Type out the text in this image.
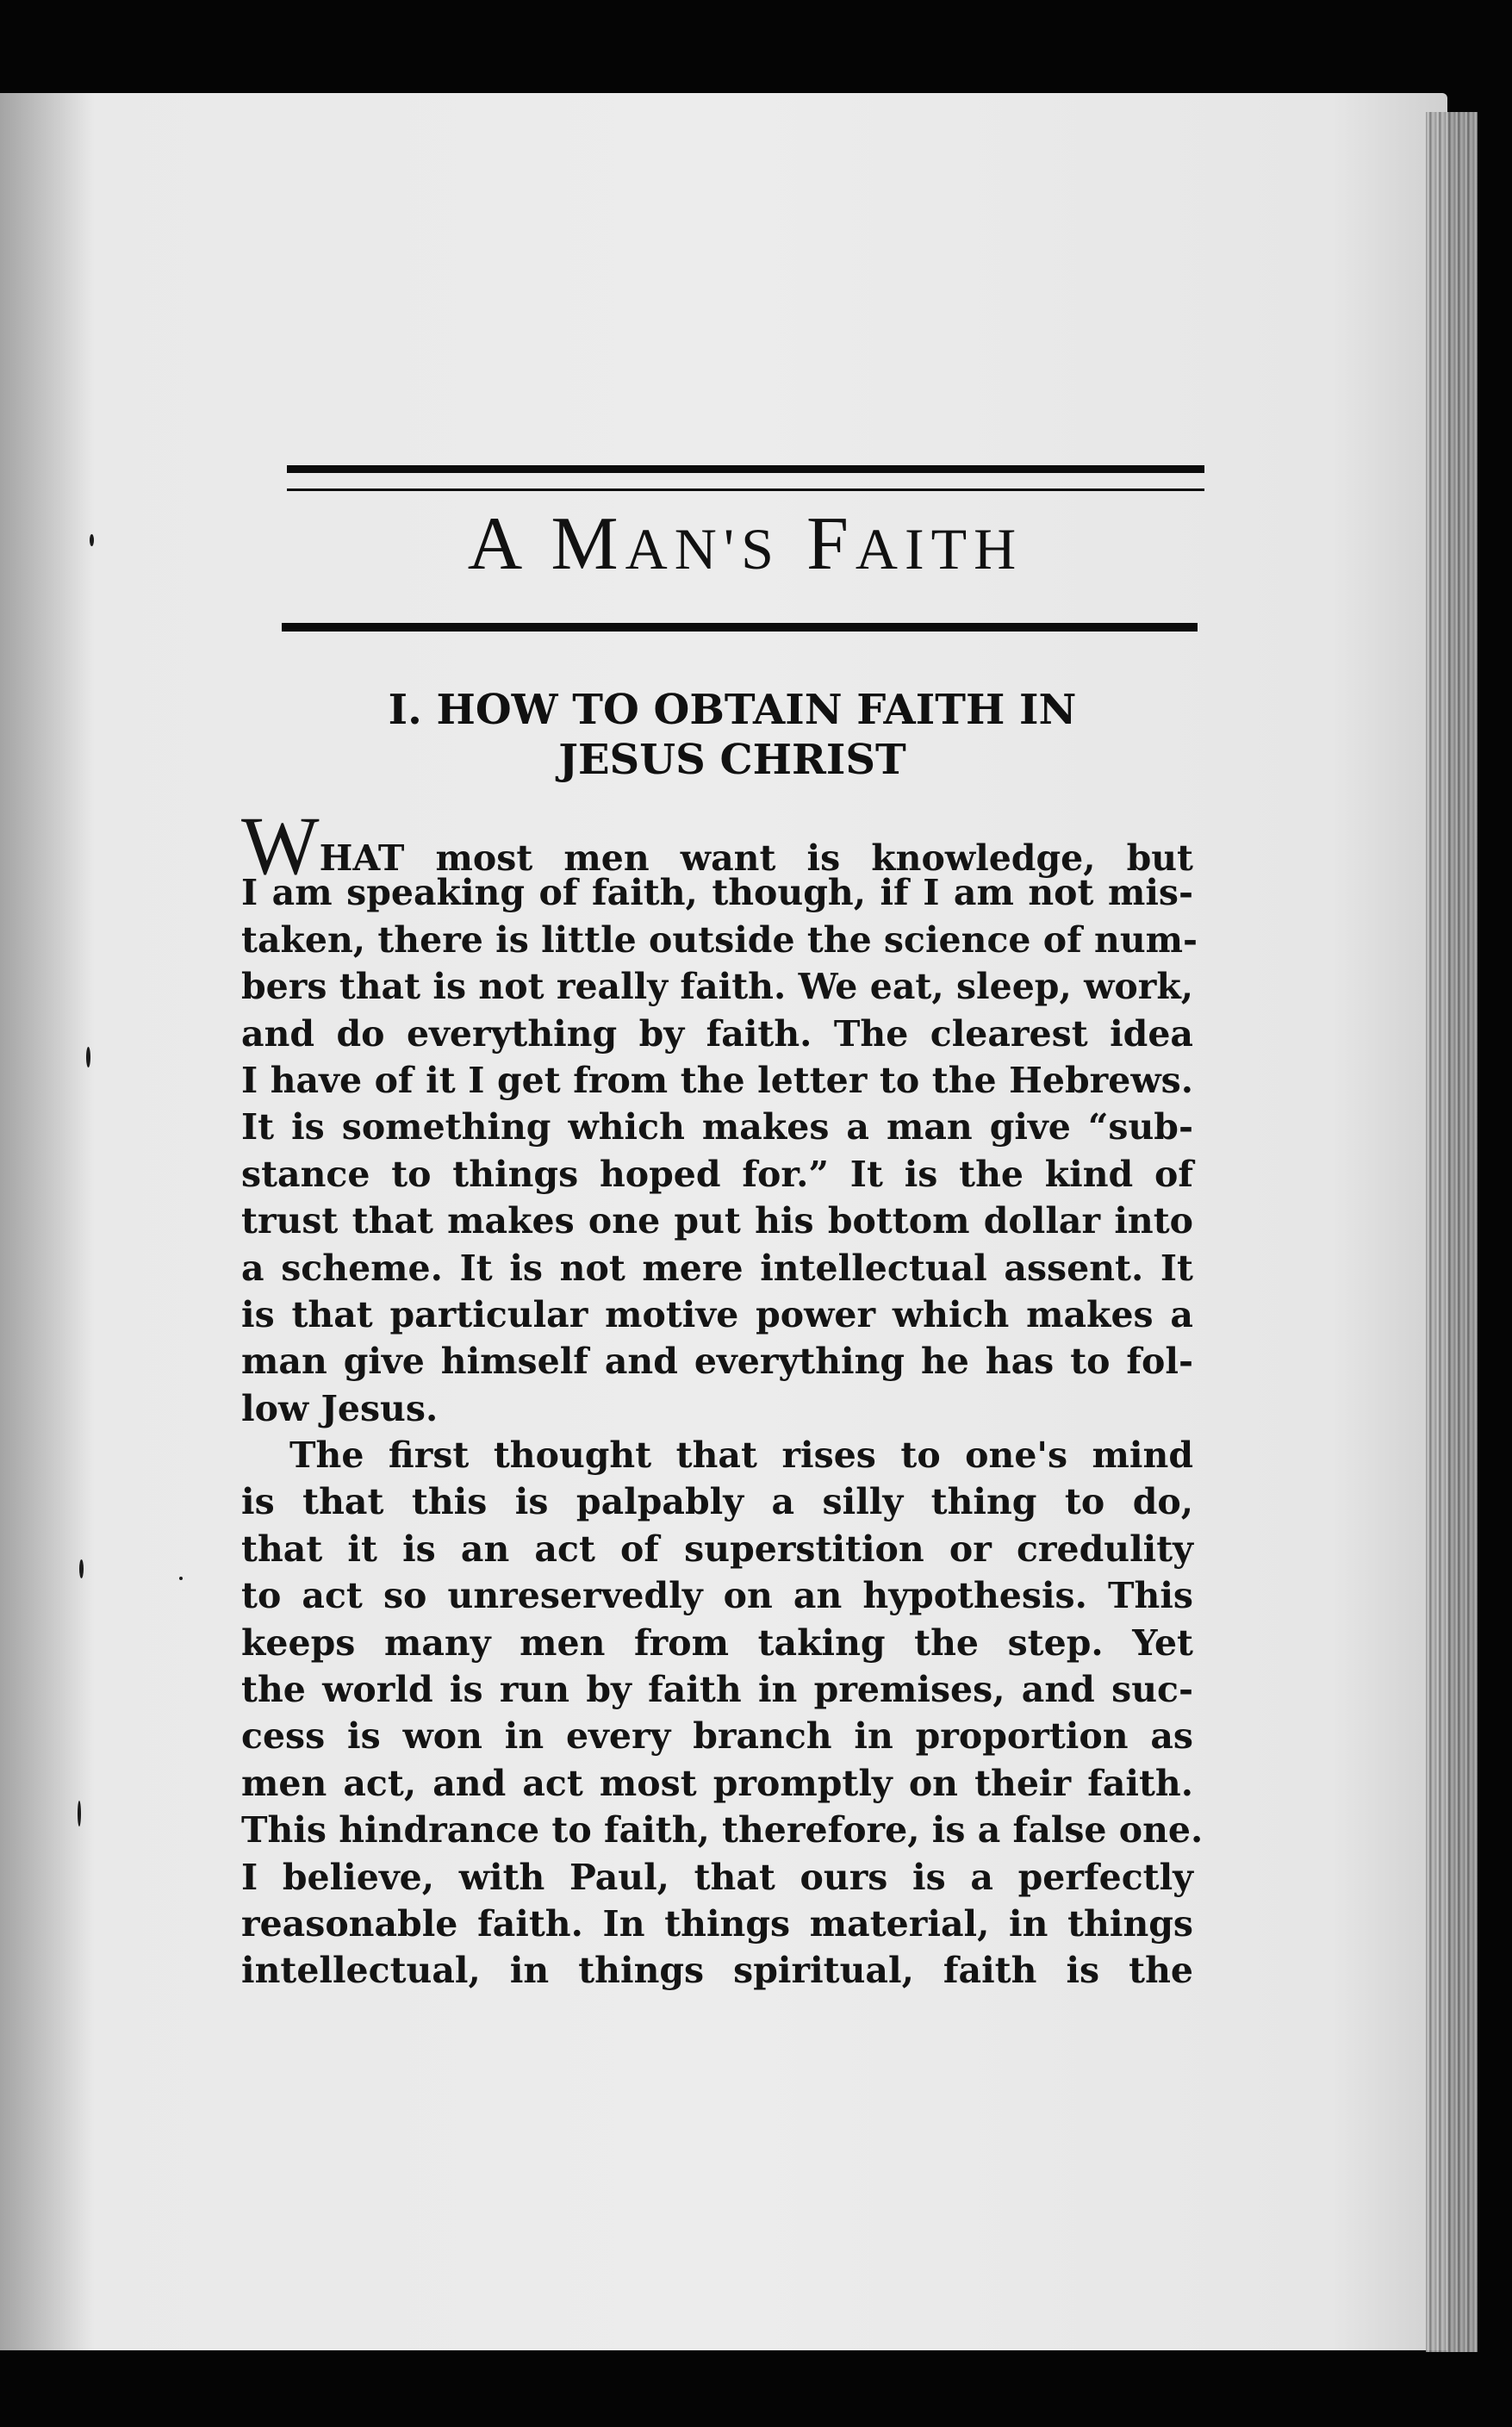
A MAN'S FAITH
I. HOW TO OBTAIN FAITH IN
JESUS CHRIST
WHAT most men want is knowledge, but
I am speaking of faith, though, if I am not mis-
taken, there is little outside the science of num-
bers that is not really faith. We eat, sleep, work,
and do everything by faith. The clearest idea
I have of it I get from the letter to the Hebrews.
It is something which makes a man give “sub-
stance to things hoped for.” It is the kind of
trust that makes one put his bottom dollar into
a scheme. It is not mere intellectual assent. It
is that particular motive power which makes a
man give himself and everything he has to fol-
low Jesus.
The first thought that rises to one's mind
is that this is palpably a silly thing to do,
that it is an act of superstition or credulity
to act so unreservedly on an hypothesis. This
keeps many men from taking the step. Yet
the world is run by faith in premises, and suc-
cess is won in every branch in proportion as
men act, and act most promptly on their faith.
This hindrance to faith, therefore, is a false one.
I believe, with Paul, that ours is a perfectly
reasonable faith. In things material, in things
intellectual, in things spiritual, faith is the
